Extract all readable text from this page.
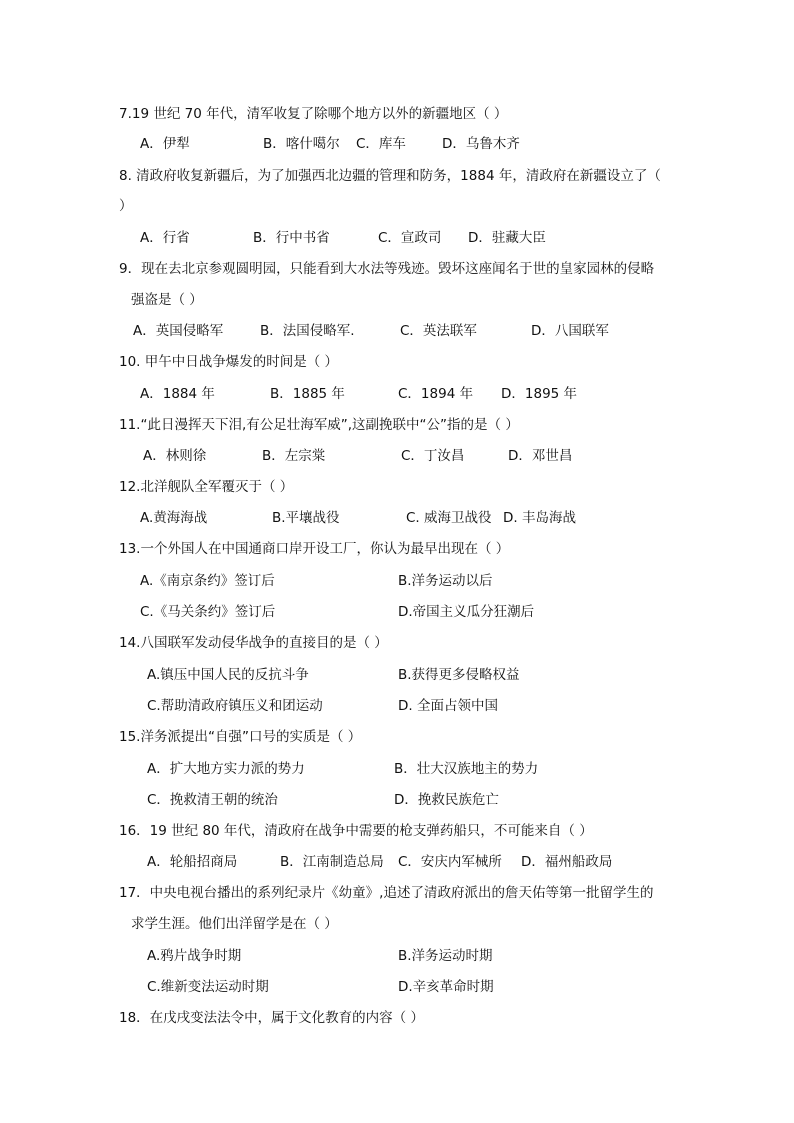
7.19 世纪 70 年代，清军收复了除哪个地方以外的新疆地区（ ）
A．伊犁	B．喀什噶尔 C．库车	D．乌鲁木齐
8. 清政府收复新疆后，为了加强西北边疆的管理和防务，1884 年，清政府在新疆设立了（
）
A．行省	B．行中书省	C．宣政司 D．驻藏大臣
9．现在去北京参观圆明园，只能看到大水法等残迹。毁坏这座闻名于世的皇家园林的侵略
强盗是（ ）
A．英国侵略军	B．法国侵略军.	C．英法联军	D．八国联军
10. 甲午中日战争爆发的时间是（ ）
A．1884 年	B．1885 年	C．1894 年 D．1895 年
11.“此日漫挥天下泪,有公足壮海军威”,这副挽联中“公”指的是（ ）
A．林则徐	B．左宗棠	C．丁汝昌	D．邓世昌
12.北洋舰队全军覆灭于（ ）
A.黄海海战	B.平壤战役	C. 威海卫战役 D. 丰岛海战
13.一个外国人在中国通商口岸开设工厂，你认为最早出现在（ ）
A.《南京条约》签订后	B.洋务运动以后
C.《马关条约》签订后	D.帝国主义瓜分狂潮后
14.八国联军发动侵华战争的直接目的是（ ）
A.镇压中国人民的反抗斗争	B.获得更多侵略权益
C.帮助清政府镇压义和团运动	D. 全面占领中国
15.洋务派提出“自强”口号的实质是（ ）
A．扩大地方实力派的势力	B．壮大汉族地主的势力
C．挽救清王朝的统治	D．挽救民族危亡
16．19 世纪 80 年代，清政府在战争中需要的枪支弹药船只，不可能来自（ ）
A．轮船招商局	B．江南制造总局 C．安庆内军械所 D．福州船政局
17．中央电视台播出的系列纪录片《幼童》,追述了清政府派出的詹天佑等第一批留学生的
求学生涯。他们出洋留学是在（ ）
A.鸦片战争时期	B.洋务运动时期
C.维新变法运动时期	D.辛亥革命时期
18．在戊戌变法法令中，属于文化教育的内容（ ）
